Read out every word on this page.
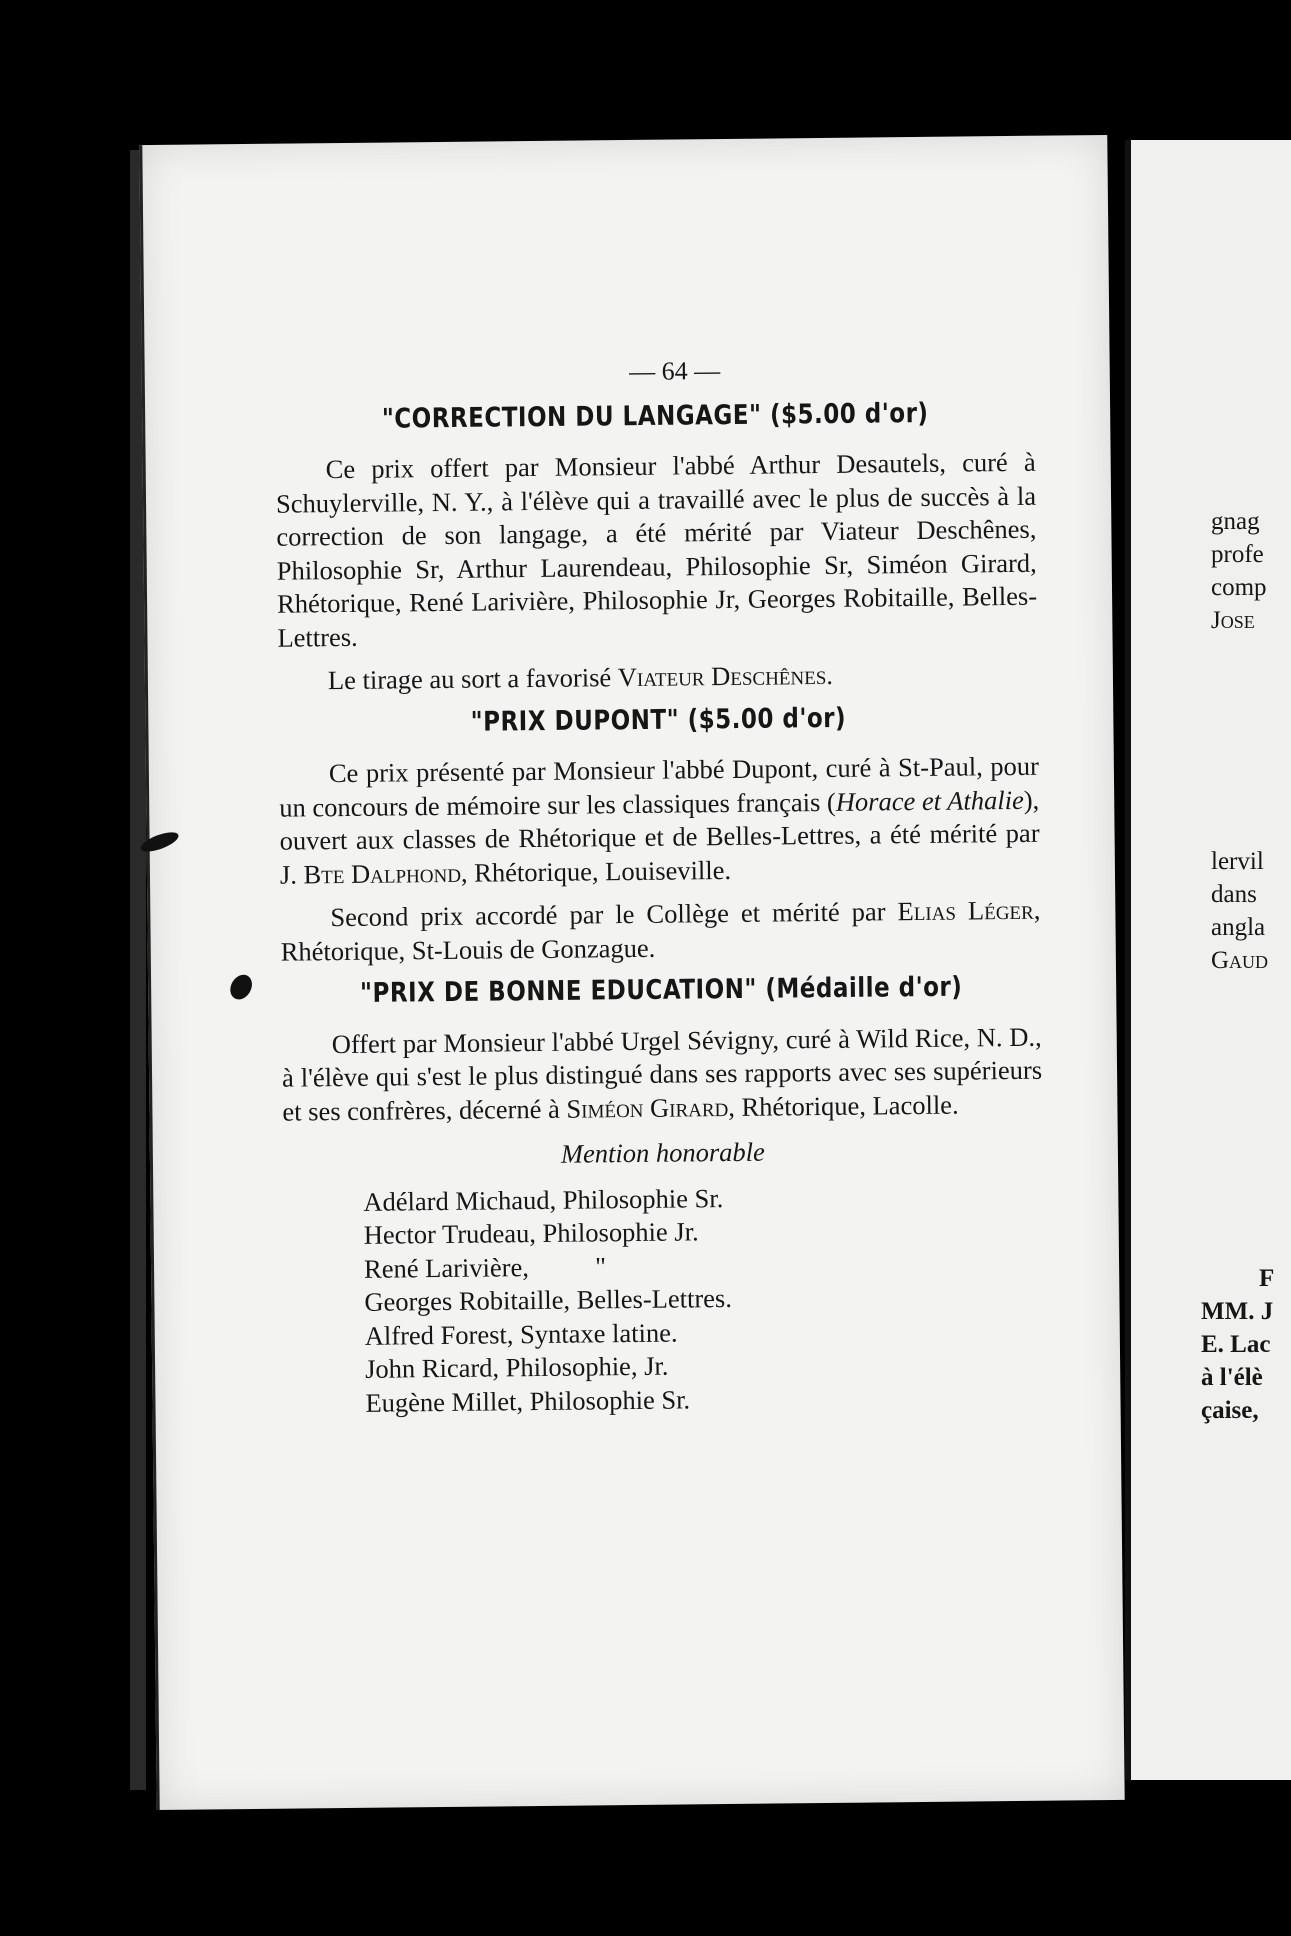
— 64 —
"CORRECTION DU LANGAGE" ($5.00 d'or)

Ce prix offert par Monsieur l'abbé Arthur Desautels, curé à Schuylerville, N. Y., à l'élève qui a travaillé avec le plus de succès à la correction de son langage, a été mérité par Viateur Deschênes, Philosophie Sr, Arthur Laurendeau, Philosophie Sr, Siméon Girard, Rhétorique, René Larivière, Philosophie Jr, Georges Robitaille, Belles-Lettres.

Le tirage au sort a favorisé Viateur Deschênes.

"PRIX DUPONT" ($5.00 d'or)

Ce prix présenté par Monsieur l'abbé Dupont, curé à St-Paul, pour un concours de mémoire sur les classiques français (Horace et Athalie), ouvert aux classes de Rhétorique et de Belles-Lettres, a été mérité par J. Bte Dalphond, Rhétorique, Louiseville.

Second prix accordé par le Collège et mérité par Elias Léger, Rhétorique, St-Louis de Gonzague.

"PRIX DE BONNE EDUCATION" (Médaille d'or)

Offert par Monsieur l'abbé Urgel Sévigny, curé à Wild Rice, N. D., à l'élève qui s'est le plus distingué dans ses rapports avec ses supérieurs et ses confrères, décerné à Siméon Girard, Rhétorique, Lacolle.

Mention honorable
Adélard Michaud, Philosophie Sr.
Hector Trudeau, Philosophie Jr.
René Larivière,          "
Georges Robitaille, Belles-Lettres.
Alfred Forest, Syntaxe latine.
John Ricard, Philosophie, Jr.
Eugène Millet, Philosophie Sr.
gnag
profe
comp
Jose
lervil
dans
angla
Gaud
F
MM. J
E. Lac
à l'élè
çaise,
